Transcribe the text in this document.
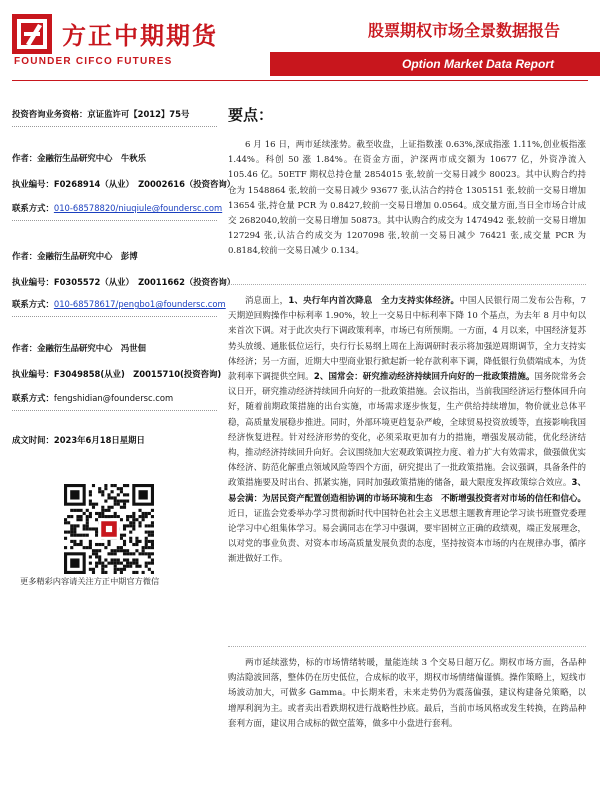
方正中期期货
FOUNDER CIFCO FUTURES
股票期权市场全景数据报告
Option Market Data Report
投资咨询业务资格：京证监许可【2012】75号
作者：金融衍生品研究中心　牛秋乐
执业编号：F0268914（从业）　Z0002616（投资咨询）
联系方式：010-68578820/niuqiule@foundersc.com
作者：金融衍生品研究中心　彭博
执业编号：F0305572（从业）　Z0011662（投资咨询）
联系方式：010-68578617/pengbo1@foundersc.com
作者：金融衍生品研究中心　冯世佃
执业编号：F3049858(从业)　Z0015710(投资咨询)
联系方式：fengshidian@foundersc.com
成文时间：2023年6月18日星期日
更多精彩内容请关注方正中期官方微信
要点：

6 月 16 日，两市延续涨势。截至收盘，上证指数涨 0.63%,深成指涨 1.11%,创业板指涨 1.44%。科创 50 涨 1.84%。在资金方面，沪深两市成交额为 10677 亿，外资净流入 105.46 亿。50ETF 期权总持仓量 2854015 张,较前一交易日减少 80023。其中认购合约持仓为 1548864 张,较前一交易日减少 93677 张,认沽合约持仓 1305151 张,较前一交易日增加 13654 张,持仓量 PCR 为 0.8427,较前一交易日增加 0.0564。成交量方面,当日全市场合计成交 2682040,较前一交易日增加 50873。其中认购合约成交为 1474942 张,较前一交易日增加 127294 张,认沽合约成交为 1207098 张,较前一交易日减少 76421 张,成交量 PCR 为 0.8184,较前一交易日减少 0.134。

消息面上，1、央行年内首次降息　全力支持实体经济。中国人民银行周二发布公告称，7 天期逆回购操作中标利率 1.90%，较上一交易日中标利率下降 10 个基点，为去年 8 月中旬以来首次下调。对于此次央行下调政策利率，市场已有所预期。一方面，4 月以来，中国经济复苏势头放缓、通胀低位运行，央行行长易纲上周在上海调研时表示将加强逆周期调节，全力支持实体经济；另一方面，近期大中型商业银行掀起新一轮存款利率下调，降低银行负债端成本，为货款利率下调提供空间。2、国常会：研究推动经济持续回升向好的一批政策措施。国务院常务会议日开，研究推动经济持续回升向好的一批政策措施。会议指出，当前我国经济运行整体回升向好，随着前期政策措施的出台实施，市场需求逐步恢复，生产供给持续增加，物价就业总体平稳，高质量发展稳步推进。同时，外部环境更趋复杂严峻，全球贸易投资放缓等，直接影响我国经济恢复进程。针对经济形势的变化，必须采取更加有力的措施，增强发展动能，优化经济结构，推动经济持续回升向好。会议围绕加大宏观政策调控力度、着力扩大有效需求，做强做优实体经济、防范化解重点领域风险等四个方面，研究提出了一批政策措施。会议强调，具备条件的政策措施要及时出台、抓紧实施，同时加强政策措施的储备，最大限度发挥政策综合效应。3、易会满：为居民资产配置创造相协调的市场环境和生态　不断增强投资者对市场的信任和信心。近日，证监会党委举办学习贯彻新时代中国特色社会主义思想主题教育理论学习读书班暨党委理论学习中心组集体学习。易会满同志在学习中强调，要牢固树立正确的政绩观，端正发展理念，以对党的事业负责、对资本市场高质量发展负责的态度，坚持按资本市场的内在规律办事，循序渐进做好工作。

两市延续涨势，标的市场情绪转暖，量能连续 3 个交易日超万亿。期权市场方面，各品种购沽隐波回落，整体仍在历史低位，合成标的收平，期权市场情绪偏谨慎。操作策略上，短线市场波动加大，可做多 Gamma。中长期来看，未来走势仍为震荡偏强，建议构建备兑策略，以增厚利润为主。或者卖出看跌期权进行战略性抄底。最后，当前市场风格或发生转换，在跨品种套利方面，建议用合成标的做空蓝筹，做多中小盘进行套利。
